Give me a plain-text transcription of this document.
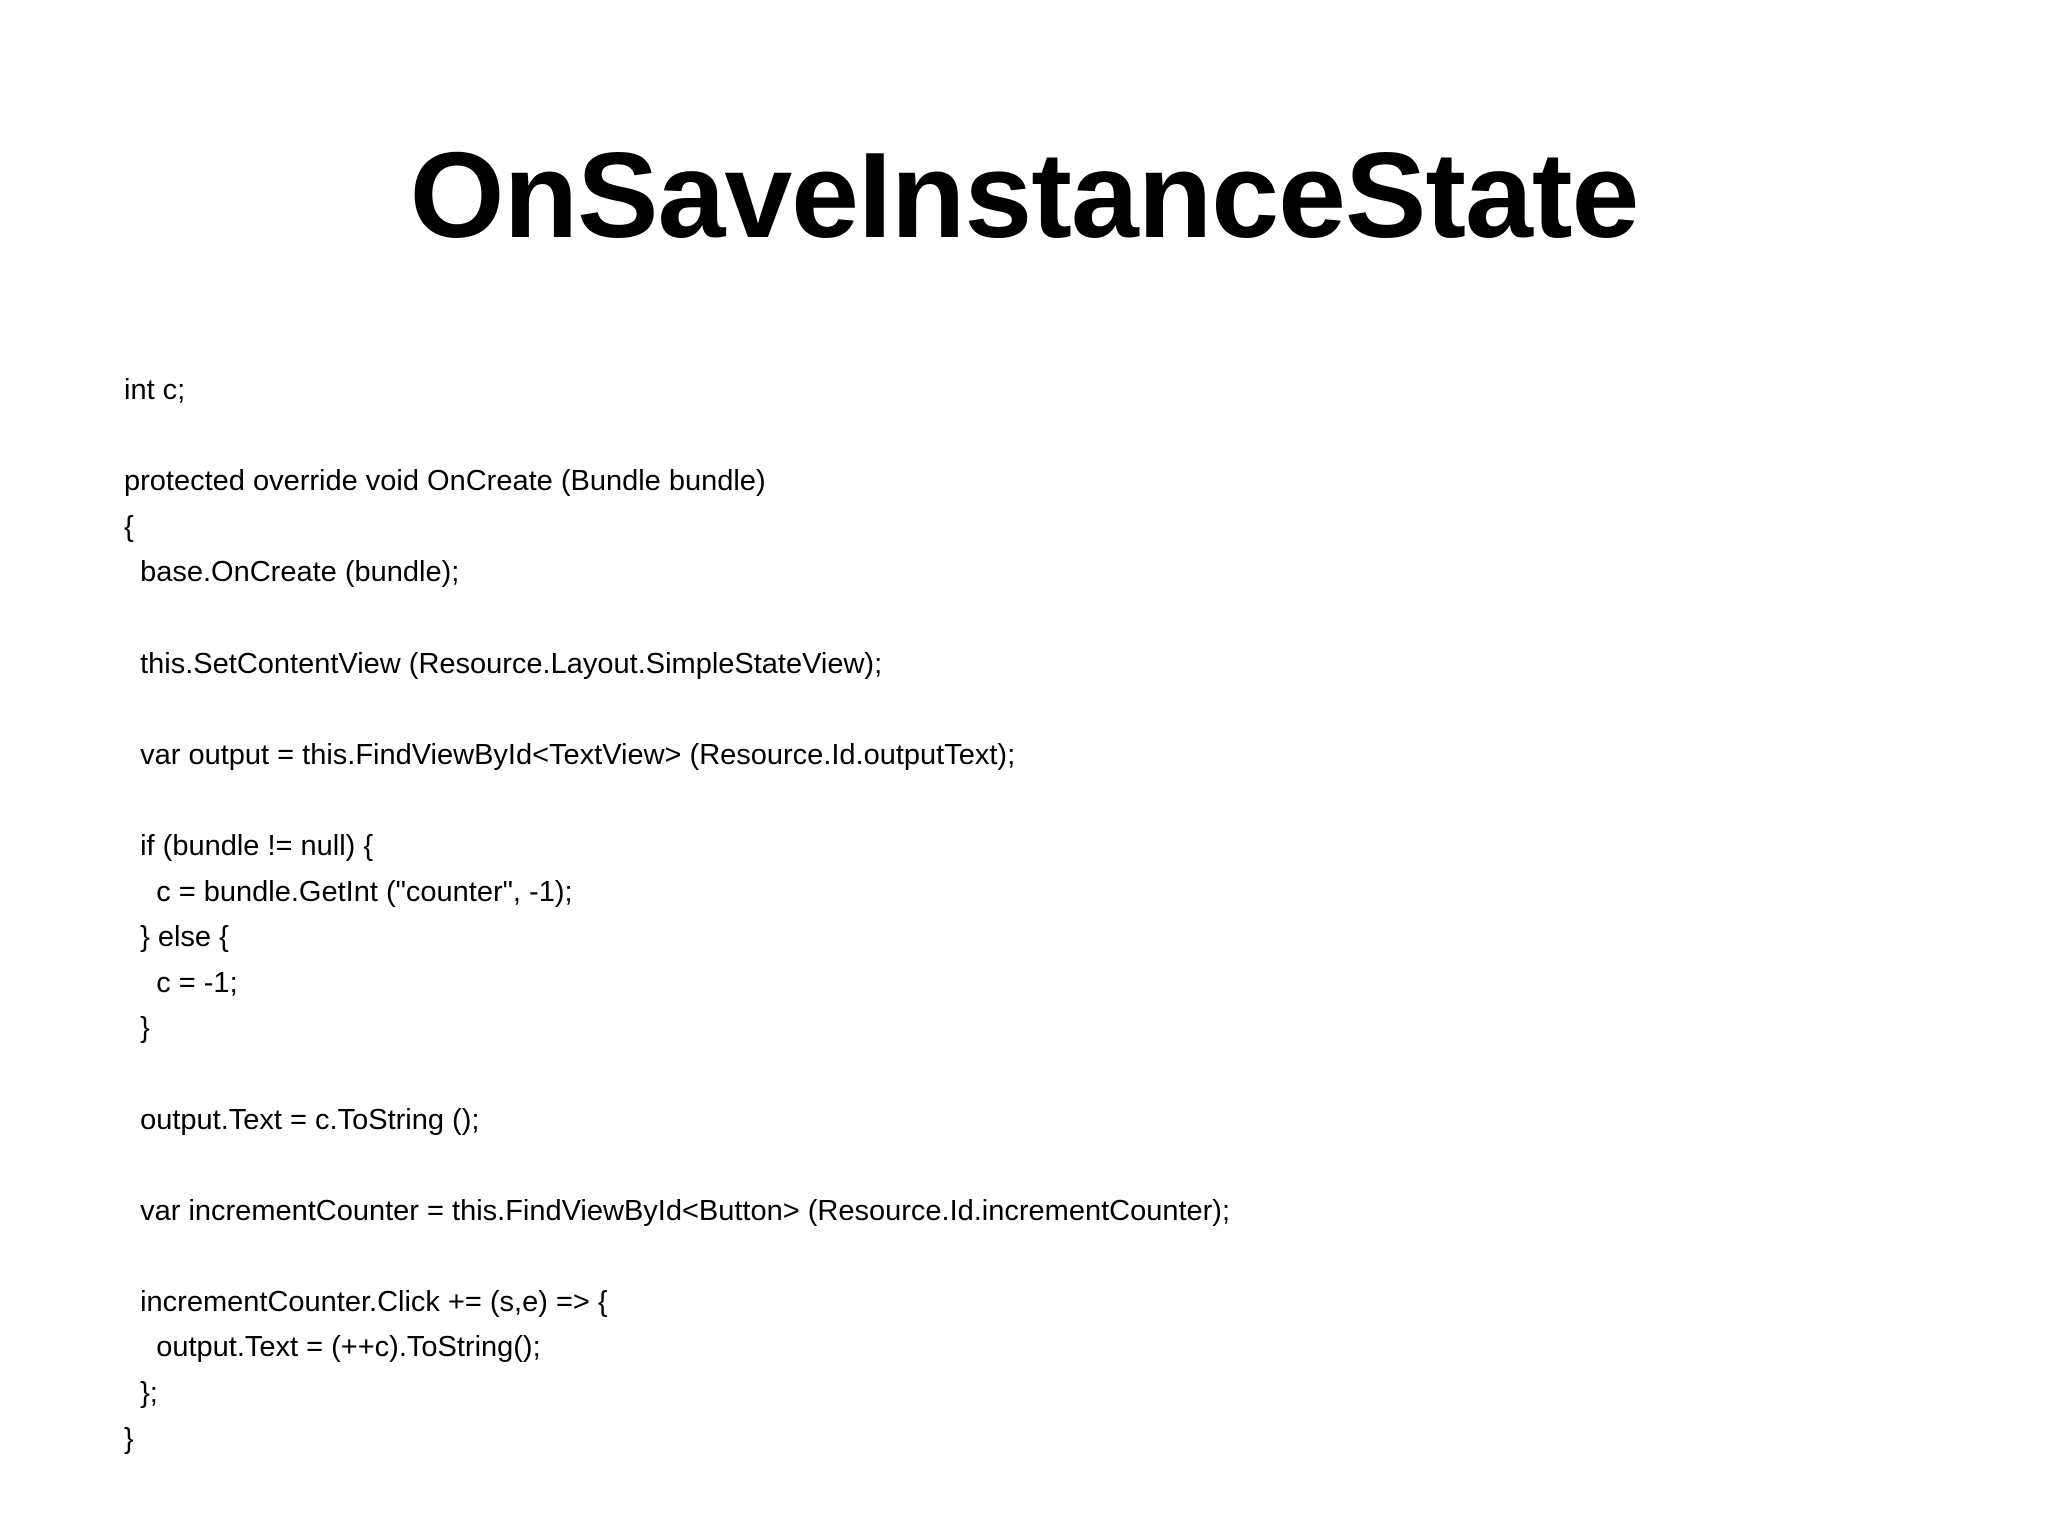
OnSaveInstanceState
int c;
protected override void OnCreate (Bundle bundle)
{
base.OnCreate (bundle);
this.SetContentView (Resource.Layout.SimpleStateView);
var output = this.FindViewById<TextView> (Resource.Id.outputText);
if (bundle != null) {
c = bundle.GetInt ("counter", -1);
} else {
c = -1;
}
output.Text = c.ToString ();
var incrementCounter = this.FindViewById<Button> (Resource.Id.incrementCounter);
incrementCounter.Click += (s,e) => {
output.Text = (++c).ToString();
};
}
